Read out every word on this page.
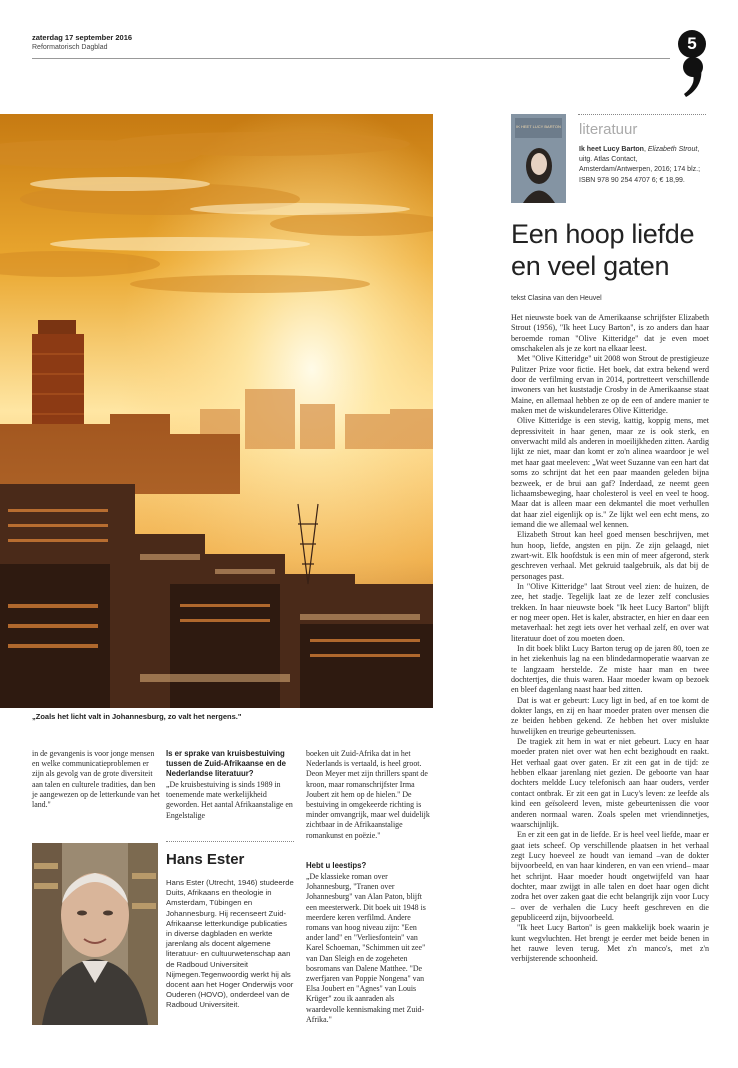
zaterdag 17 september 2016
Reformatorisch Dagblad	5
„Zoals het licht valt in Johannesburg, zo valt het nergens."
IK HEET LUCY BARTON literatuur
Ik heet Lucy Barton, Elizabeth Strout, uitg. Atlas Contact, Amsterdam/Antwerpen, 2016; 174 blz.; ISBN 978 90 254 4707 6; € 18,99.
Een hoop liefde en veel gaten
tekst Clasina van den Heuvel

Het nieuwste boek van de Amerikaanse schrijfster Elizabeth Strout (1956), "Ik heet Lucy Barton", is zo anders dan haar beroemde roman "Olive Kitteridge" dat je even moet omschakelen als je ze kort na elkaar leest.

Met "Olive Kitteridge" uit 2008 won Strout de prestigieuze Pulitzer Prize voor fictie. Het boek, dat extra bekend werd door de verfilming ervan in 2014, portretteert verschillende inwoners van het kuststadje Crosby in de Amerikaanse staat Maine, en allemaal hebben ze op de een of andere manier te maken met de wiskundelerares Olive Kitteridge.

Olive Kitteridge is een stevig, kattig, koppig mens, met depressiviteit in haar genen, maar ze is ook sterk, en onverwacht mild als anderen in moeilijkheden zitten. Aardig lijkt ze niet, maar dan komt er zo'n alinea waardoor je wel met haar gaat meeleven: „Wat weet Suzanne van een hart dat soms zo schrijnt dat het een paar maanden geleden bijna bezweek, er de brui aan gaf? Inderdaad, ze neemt geen lichaamsbeweging, haar cholesterol is veel en veel te hoog. Maar dat is alleen maar een dekmantel die moet verhullen dat haar ziel eigenlijk op is." Ze lijkt wel een echt mens, zo iemand die we allemaal wel kennen.

Elizabeth Strout kan heel goed mensen beschrijven, met hun hoop, liefde, angsten en pijn. Ze zijn gelaagd, niet zwart-wit. Elk hoofdstuk is een min of meer afgerond, sterk geschreven verhaal. Met gekruid taalgebruik, als dat bij de personages past.

In "Olive Kitteridge" laat Strout veel zien: de huizen, de zee, het stadje. Tegelijk laat ze de lezer zelf conclusies trekken. In haar nieuwste boek "Ik heet Lucy Barton" blijft er nog meer open. Het is kaler, abstracter, en hier en daar een metaverhaal: het zegt iets over het verhaal zelf, en over wat literatuur doet of zou moeten doen.

In dit boek blikt Lucy Barton terug op de jaren 80, toen ze in het ziekenhuis lag na een blindedarmoperatie waarvan ze te langzaam herstelde. Ze miste haar man en twee dochtertjes, die thuis waren. Haar moeder kwam op bezoek en bleef dagenlang naast haar bed zitten.

Dat is wat er gebeurt: Lucy ligt in bed, af en toe komt de dokter langs, en zij en haar moeder praten over mensen die ze beiden hebben gekend. Ze hebben het over mislukte huwelijken en treurige gebeurtenissen.

De tragiek zit hem in wat er niet gebeurt. Lucy en haar moeder praten niet over wat hen echt bezighoudt en raakt. Het verhaal gaat over gaten. Er zit een gat in de tijd: ze hebben elkaar jarenlang niet gezien. De geboorte van haar dochters meldde Lucy telefonisch aan haar ouders, verder contact ontbrak. Er zit een gat in Lucy's leven: ze leefde als kind een geïsoleerd leven, miste gebeurtenissen die voor anderen normaal waren. Zoals spelen met vriendinnetjes, waarschijnlijk.

En er zit een gat in de liefde. Er is heel veel liefde, maar er gaat iets scheef. Op verschillende plaatsen in het verhaal zegt Lucy hoeveel ze houdt van iemand –van de dokter bijvoorbeeld, en van haar kinderen, en van een vriend– maar het schrijnt. Haar moeder houdt ongetwijfeld van haar dochter, maar zwijgt in alle talen en doet haar ogen dicht zodra het over zaken gaat die echt belangrijk zijn voor Lucy – over de verhalen die Lucy heeft geschreven en die gepubliceerd zijn, bijvoorbeeld.

"Ik heet Lucy Barton" is geen makkelijk boek waarin je kunt wegvluchten. Het brengt je eerder met beide benen in het rauwe leven terug. Met z'n manco's, met z'n verbijsterende schoonheid.

in de gevangenis is voor jonge mensen en welke communicatieproblemen er zijn als gevolg van de grote diversiteit aan talen en culturele tradities, dan ben je aangewezen op de letterkunde van het land."
Is er sprake van kruisbestuiving tussen de Zuid-Afrikaanse en de Nederlandse literatuur?
„De kruisbestuiving is sinds 1989 in toenemende mate werkelijkheid geworden. Het aantal Afrikaanstalige en Engelstalige
boeken uit Zuid-Afrika dat in het Nederlands is vertaald, is heel groot. Deon Meyer met zijn thrillers spant de kroon, maar romanschrijfster Irma Joubert zit hem op de hielen." De bestuiving in omgekeerde richting is minder omvangrijk, maar wel duidelijk zichtbaar in de Afrikaanstalige romankunst en poëzie."
Hebt u leestips?
„De klassieke roman over Johannesburg, "Tranen over Johannesburg" van Alan Paton, blijft een meesterwerk. Dit boek uit 1948 is meerdere keren verfilmd. Andere romans van hoog niveau zijn: "Een ander land" en "Verliesfontein" van Karel Schoeman, "Schimmen uit zee" van Dan Sleigh en de zogeheten bosromans van Dalene Matthee. "De zwerfjaren van Poppie Nongena" van Elsa Joubert en "Agnes" van Louis Krüger" zou ik aanraden als waardevolle kennismaking met Zuid-Afrika."
Hans Ester
Hans Ester (Utrecht, 1946) studeerde Duits, Afrikaans en theologie in Amsterdam, Tübingen en Johannesburg. Hij recenseert Zuid-Afrikaanse letterkundige publicaties in diverse dagbladen en werkte jarenlang als docent algemene literatuur- en cultuurwetenschap aan de Radboud Universiteit Nijmegen.Tegenwoordig werkt hij als docent aan het Hoger Onderwijs voor Ouderen (HOVO), onderdeel van de Radboud Universiteit.
